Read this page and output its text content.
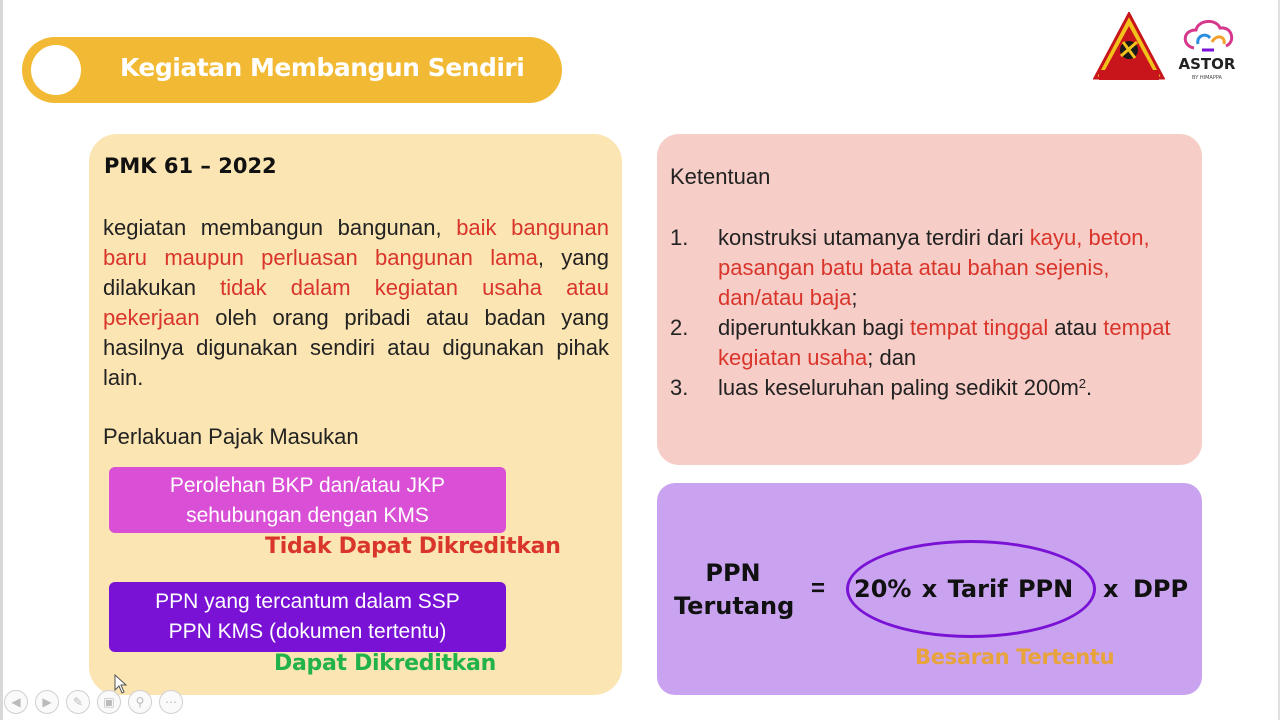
Kegiatan Membangun Sendiri	ASTOR
BY HIMAPPA
PMK 61 – 2022

kegiatan membangun bangunan, baik bangunan baru maupun perluasan bangunan lama, yang dilakukan tidak dalam kegiatan usaha atau pekerjaan oleh orang pribadi atau badan yang hasilnya digunakan sendiri atau digunakan pihak lain.

Perlakuan Pajak Masukan
Perolehan BKP dan/atau JKP
sehubungan dengan KMS
Tidak Dapat Dikreditkan
PPN yang tercantum dalam SSP
PPN KMS (dokumen tertentu)
Dapat Dikreditkan
Ketentuan
1. konstruksi utamanya terdiri dari kayu, beton, pasangan batu bata atau bahan sejenis, dan/atau baja;
2. diperuntukkan bagi tempat tinggal atau tempat kegiatan usaha; dan
3. luas keseluruhan paling sedikit $200m^2$.
PPN
Terutang
= 20% x Tarif PPN x DPP
Besaran Tertentu
◀	▶	✎	▣	⚲	⋯
